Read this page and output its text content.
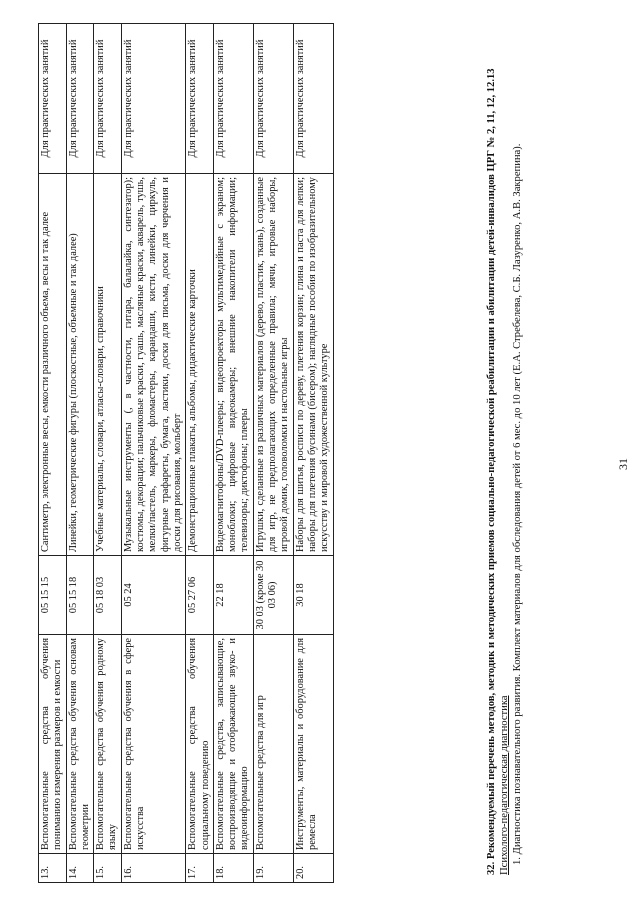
31
13.	Вспомогательные средства обучения пониманию измерения размеров и емкости	05 15 15	Сантиметр, электронные весы, емкости различного объема, весы и так далее	Для практических занятий
14.	Вспомогательные средства обучения основам геометрии	05 15 18	Линейки, геометрические фигуры (плоскостные, объемные и так далее)	Для практических занятий
15.	Вспомогательные средства обучения родному языку	05 18 03	Учебные материалы, словари, атласы-словари, справочники	Для практических занятий
16.	Вспомогательные средства обучения в сфере искусства	05 24	Музыкальные инструменты (, в частности, гитара, балалайка, синтезатор); костюмы, декорации; пальчиковые краски, гуашь, масляные краски, акварель, тушь, мелки/пастель, маркеры, фломастеры, карандаши, кисти, линейки, циркуль, фигурные трафареты, бумага, ластики, доски для письма, доски для черчения и доски для рисования, мольберт	Для практических занятий
17.	Вспомогательные средства обучения социальному поведению	05 27 06	Демонстрационные плакаты, альбомы, дидактические карточки	Для практических занятий
18.	Вспомогательные средства, записывающие, воспроизводящие и отображающие звуко- и видеоинформацию	22 18	Видеомагнитофоны/DVD-плееры; видеопроекторы мультимедийные с экраном; моноблоки; цифровые видеокамеры; внешние накопители информации; телевизоры; диктофоны; плееры	Для практических занятий
19.	Вспомогательные средства для игр	30 03 (кроме 30 03 06)	Игрушки, сделанные из различных материалов (дерево, пластик, ткань), созданные для игр, не предполагающих определенные правила; мячи, игровые наборы, игровой домик, головоломки и настольные игры	Для практических занятий
20.	Инструменты, материалы и оборудование для ремесла	30 18	Наборы для шитья, роспиcи по дереву, плетения корзин; глина и паста для лепки; наборы для плетения бусинами (бисером); наглядные пособия по изобразительному искусству и мировой художественной культуре	Для практических занятий	32. Рекомендуемый перечень методов, методик и методических приемов социально-педагогической реабилитации и абилитации детей-инвалидов ЦРГ № 2, 11, 12, 12.13 Психолого-педагогическая диагностика 1. Диагностика познавательного развития. Комплект материалов для обследования детей от 6 мес. до 10 лет (Е.А. Стребелева, С.Б. Лазуренко, А.В. Закрепина).
